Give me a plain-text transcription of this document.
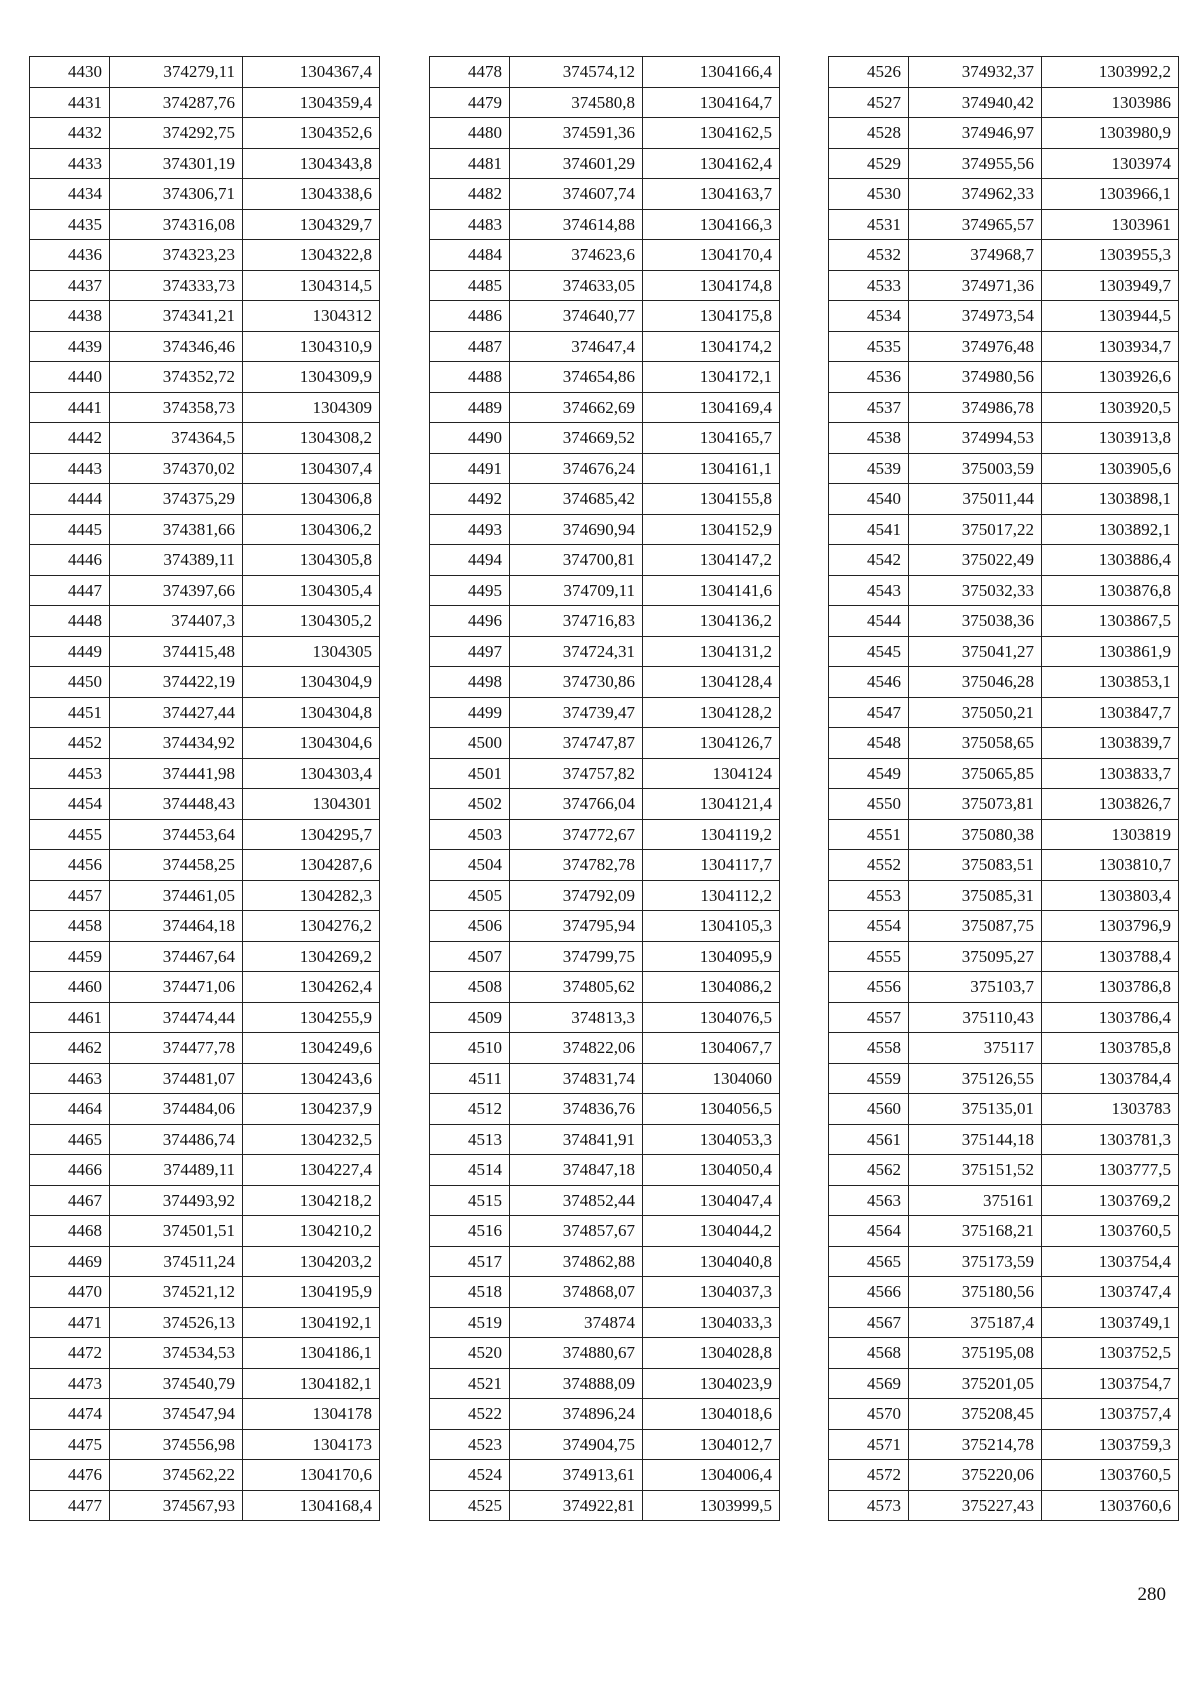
4430	374279,11	1304367,4
4431	374287,76	1304359,4
4432	374292,75	1304352,6
4433	374301,19	1304343,8
4434	374306,71	1304338,6
4435	374316,08	1304329,7
4436	374323,23	1304322,8
4437	374333,73	1304314,5
4438	374341,21	1304312
4439	374346,46	1304310,9
4440	374352,72	1304309,9
4441	374358,73	1304309
4442	374364,5	1304308,2
4443	374370,02	1304307,4
4444	374375,29	1304306,8
4445	374381,66	1304306,2
4446	374389,11	1304305,8
4447	374397,66	1304305,4
4448	374407,3	1304305,2
4449	374415,48	1304305
4450	374422,19	1304304,9
4451	374427,44	1304304,8
4452	374434,92	1304304,6
4453	374441,98	1304303,4
4454	374448,43	1304301
4455	374453,64	1304295,7
4456	374458,25	1304287,6
4457	374461,05	1304282,3
4458	374464,18	1304276,2
4459	374467,64	1304269,2
4460	374471,06	1304262,4
4461	374474,44	1304255,9
4462	374477,78	1304249,6
4463	374481,07	1304243,6
4464	374484,06	1304237,9
4465	374486,74	1304232,5
4466	374489,11	1304227,4
4467	374493,92	1304218,2
4468	374501,51	1304210,2
4469	374511,24	1304203,2
4470	374521,12	1304195,9
4471	374526,13	1304192,1
4472	374534,53	1304186,1
4473	374540,79	1304182,1
4474	374547,94	1304178
4475	374556,98	1304173
4476	374562,22	1304170,6
4477	374567,93	1304168,4
4478	374574,12	1304166,4
4479	374580,8	1304164,7
4480	374591,36	1304162,5
4481	374601,29	1304162,4
4482	374607,74	1304163,7
4483	374614,88	1304166,3
4484	374623,6	1304170,4
4485	374633,05	1304174,8
4486	374640,77	1304175,8
4487	374647,4	1304174,2
4488	374654,86	1304172,1
4489	374662,69	1304169,4
4490	374669,52	1304165,7
4491	374676,24	1304161,1
4492	374685,42	1304155,8
4493	374690,94	1304152,9
4494	374700,81	1304147,2
4495	374709,11	1304141,6
4496	374716,83	1304136,2
4497	374724,31	1304131,2
4498	374730,86	1304128,4
4499	374739,47	1304128,2
4500	374747,87	1304126,7
4501	374757,82	1304124
4502	374766,04	1304121,4
4503	374772,67	1304119,2
4504	374782,78	1304117,7
4505	374792,09	1304112,2
4506	374795,94	1304105,3
4507	374799,75	1304095,9
4508	374805,62	1304086,2
4509	374813,3	1304076,5
4510	374822,06	1304067,7
4511	374831,74	1304060
4512	374836,76	1304056,5
4513	374841,91	1304053,3
4514	374847,18	1304050,4
4515	374852,44	1304047,4
4516	374857,67	1304044,2
4517	374862,88	1304040,8
4518	374868,07	1304037,3
4519	374874	1304033,3
4520	374880,67	1304028,8
4521	374888,09	1304023,9
4522	374896,24	1304018,6
4523	374904,75	1304012,7
4524	374913,61	1304006,4
4525	374922,81	1303999,5
4526	374932,37	1303992,2
4527	374940,42	1303986
4528	374946,97	1303980,9
4529	374955,56	1303974
4530	374962,33	1303966,1
4531	374965,57	1303961
4532	374968,7	1303955,3
4533	374971,36	1303949,7
4534	374973,54	1303944,5
4535	374976,48	1303934,7
4536	374980,56	1303926,6
4537	374986,78	1303920,5
4538	374994,53	1303913,8
4539	375003,59	1303905,6
4540	375011,44	1303898,1
4541	375017,22	1303892,1
4542	375022,49	1303886,4
4543	375032,33	1303876,8
4544	375038,36	1303867,5
4545	375041,27	1303861,9
4546	375046,28	1303853,1
4547	375050,21	1303847,7
4548	375058,65	1303839,7
4549	375065,85	1303833,7
4550	375073,81	1303826,7
4551	375080,38	1303819
4552	375083,51	1303810,7
4553	375085,31	1303803,4
4554	375087,75	1303796,9
4555	375095,27	1303788,4
4556	375103,7	1303786,8
4557	375110,43	1303786,4
4558	375117	1303785,8
4559	375126,55	1303784,4
4560	375135,01	1303783
4561	375144,18	1303781,3
4562	375151,52	1303777,5
4563	375161	1303769,2
4564	375168,21	1303760,5
4565	375173,59	1303754,4
4566	375180,56	1303747,4
4567	375187,4	1303749,1
4568	375195,08	1303752,5
4569	375201,05	1303754,7
4570	375208,45	1303757,4
4571	375214,78	1303759,3
4572	375220,06	1303760,5
4573	375227,43	1303760,6
280
